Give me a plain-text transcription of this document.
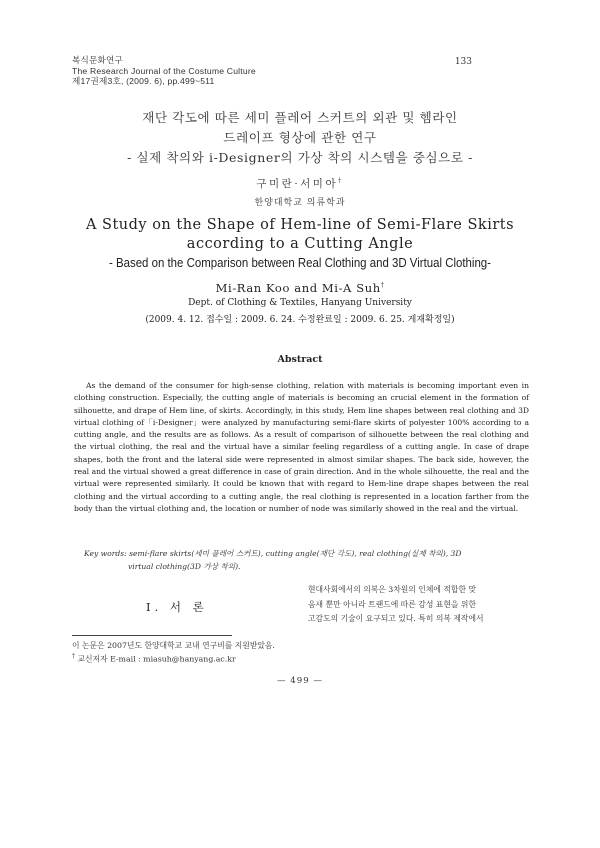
복식문화연구
The Research Journal of the Costume Culture
제17권제3호, (2009. 6), pp.499~511
133
재단 각도에 따른 세미 플레어 스커트의 외관 및 헴라인
드레이프 형상에 관한 연구
- 실제 착의와 i-Designer의 가상 착의 시스템을 중심으로 -
구미란·서미아†
한양대학교 의류학과
A Study on the Shape of Hem-line of Semi-Flare Skirts
according to a Cutting Angle
- Based on the Comparison between Real Clothing and 3D Virtual Clothing-
Mi-Ran Koo and Mi-A Suh†
Dept. of Clothing & Textiles, Hanyang University
(2009. 4. 12. 접수일 : 2009. 6. 24. 수정완료일 : 2009. 6. 25. 게재확정일)
Abstract

As the demand of the consumer for high-sense clothing, relation with materials is becoming important even in clothing construction. Especially, the cutting angle of materials is becoming an crucial element in the formation of silhouette, and drape of Hem line, of skirts. Accordingly, in this study, Hem line shapes between real clothing and 3D virtual clothing of「i-Designer」were analyzed by manufacturing semi-flare skirts of polyester 100% according to a cutting angle, and the results are as follows. As a result of comparison of silhouette between the real clothing and the virtual clothing, the real and the virtual have a similar feeling regardless of a cutting angle. In case of drape shapes, both the front and the lateral side were represented in almost similar shapes. The back side, however, the real and the virtual showed a great difference in case of grain direction. And in the whole silhouette, the real and the virtual were represented similarly. It could be known that with regard to Hem-line drape shapes between the real clothing and the virtual according to a cutting angle, the real clothing is represented in a location farther from the body than the virtual clothing and, the location or number of node was similarly showed in the real and the virtual.

Key words: semi-flare skirts(세미 플레어 스커트), cutting angle(재단 각도), real clothing(실제 착의), 3D
virtual clothing(3D 가상 착의).
Ⅰ. 서 론
현대사회에서의 의복은 3차원의 인체에 적합한 맞
음새 뿐만 아니라 트랜드에 따른 감성 표현을 위한
고감도의 기술이 요구되고 있다. 특히 의복 제작에서
이 논문은 2007년도 한양대학교 교내 연구비를 지원받았음.
† 교신저자 E-mail : miasuh@hanyang.ac.kr
— 499 —
